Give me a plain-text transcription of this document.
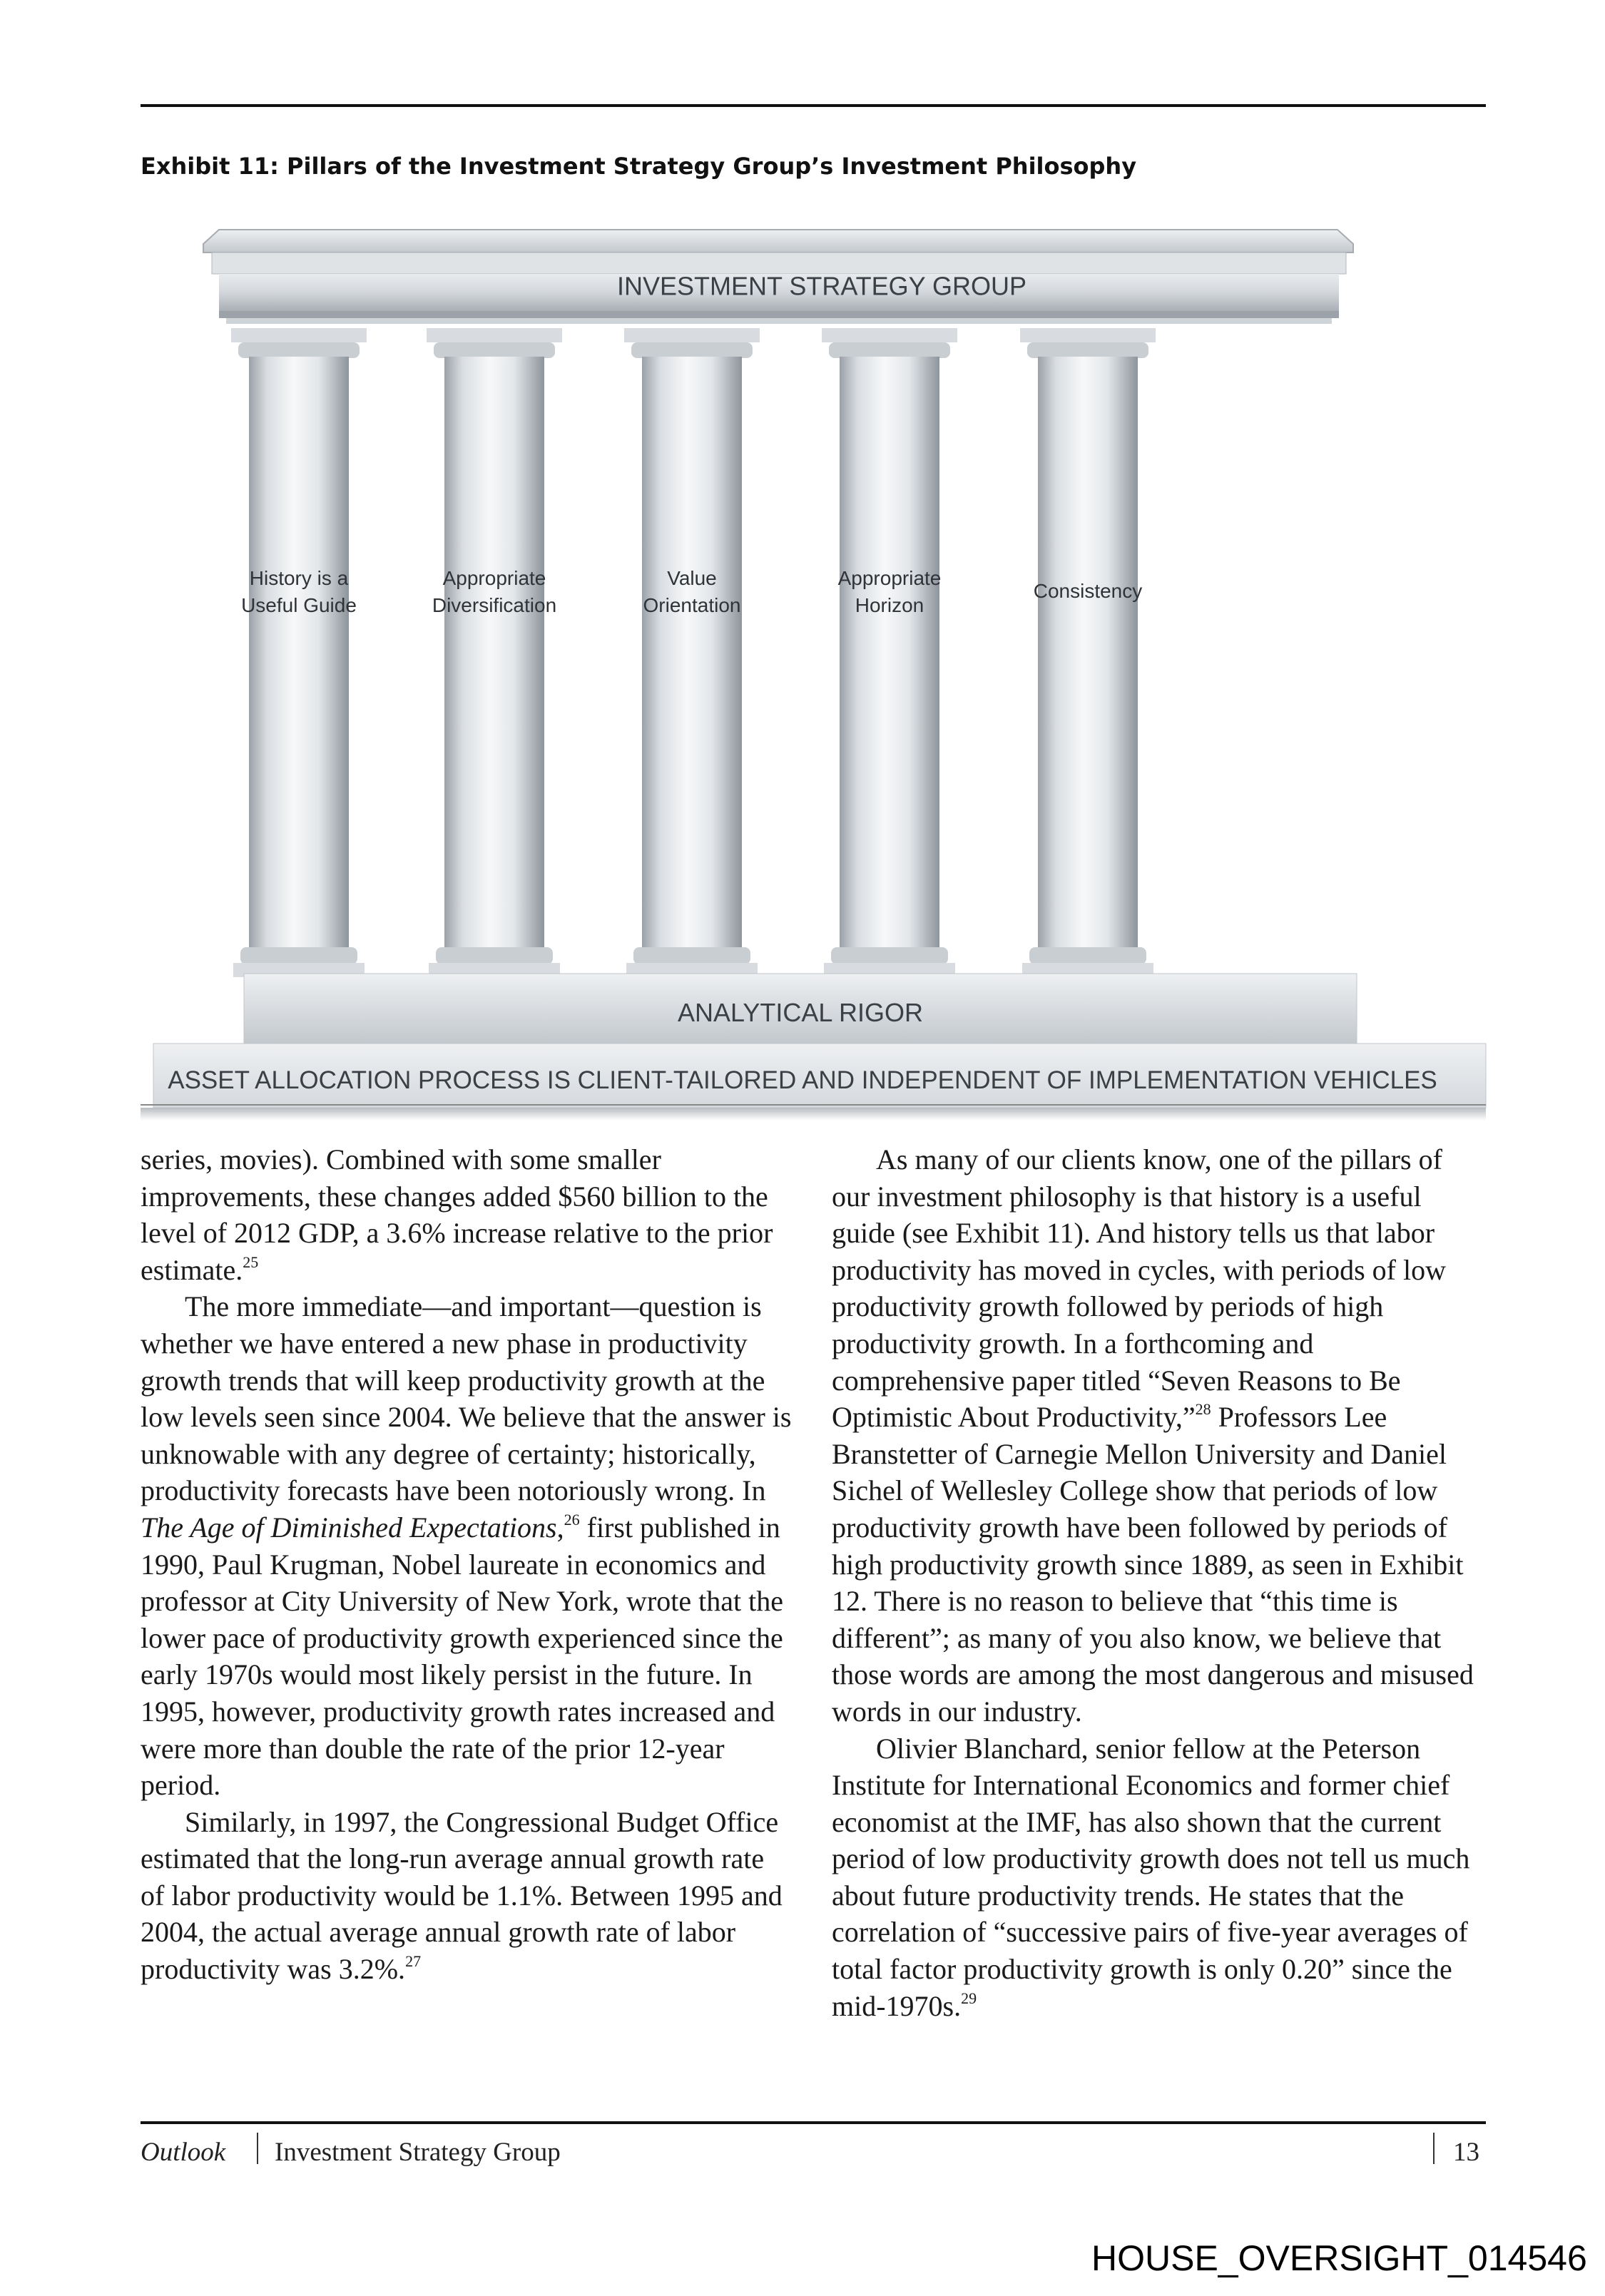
Exhibit 11: Pillars of the Investment Strategy Group’s Investment Philosophy
INVESTMENT STRATEGY GROUP
History is a
Useful Guide
Appropriate
Diversification
Value
Orientation
Appropriate
Horizon
Consistency
ANALYTICAL RIGOR
ASSET ALLOCATION PROCESS IS CLIENT-TAILORED AND INDEPENDENT OF IMPLEMENTATION VEHICLES

series, movies). Combined with some smaller improvements, these changes added $560 billion to the level of 2012 GDP, a 3.6% increase relative to the prior estimate.$^{25}$

The more immediate—and important—question is whether we have entered a new phase in productivity growth trends that will keep productivity growth at the low levels seen since 2004. We believe that the answer is unknowable with any degree of certainty; historically, productivity forecasts have been notoriously wrong. In The Age of Diminished Expectations,$^{26}$ first published in 1990, Paul Krugman, Nobel laureate in economics and professor at City University of New York, wrote that the lower pace of productivity growth experienced since the early 1970s would most likely persist in the future. In 1995, however, productivity growth rates increased and were more than double the rate of the prior 12-year period.

Similarly, in 1997, the Congressional Budget Office estimated that the long-run average annual growth rate of labor productivity would be 1.1%. Between 1995 and 2004, the actual average annual growth rate of labor productivity was 3.2%.$^{27}$

As many of our clients know, one of the pillars of our investment philosophy is that history is a useful guide (see Exhibit 11). And history tells us that labor productivity has moved in cycles, with periods of low productivity growth followed by periods of high productivity growth. In a forthcoming and comprehensive paper titled “Seven Reasons to Be Optimistic About Productivity,”$^{28}$ Professors Lee Branstetter of Carnegie Mellon University and Daniel Sichel of Wellesley College show that periods of low productivity growth have been followed by periods of high productivity growth since 1889, as seen in Exhibit 12. There is no reason to believe that “this time is different”; as many of you also know, we believe that those words are among the most dangerous and misused words in our industry.

Olivier Blanchard, senior fellow at the Peterson Institute for International Economics and former chief economist at the IMF, has also shown that the current period of low productivity growth does not tell us much about future productivity trends. He states that the correlation of “successive pairs of five-year averages of total factor productivity growth is only 0.20” since the mid-1970s.$^{29}$

Outlook Investment Strategy Group	13
HOUSE_OVERSIGHT_014546
